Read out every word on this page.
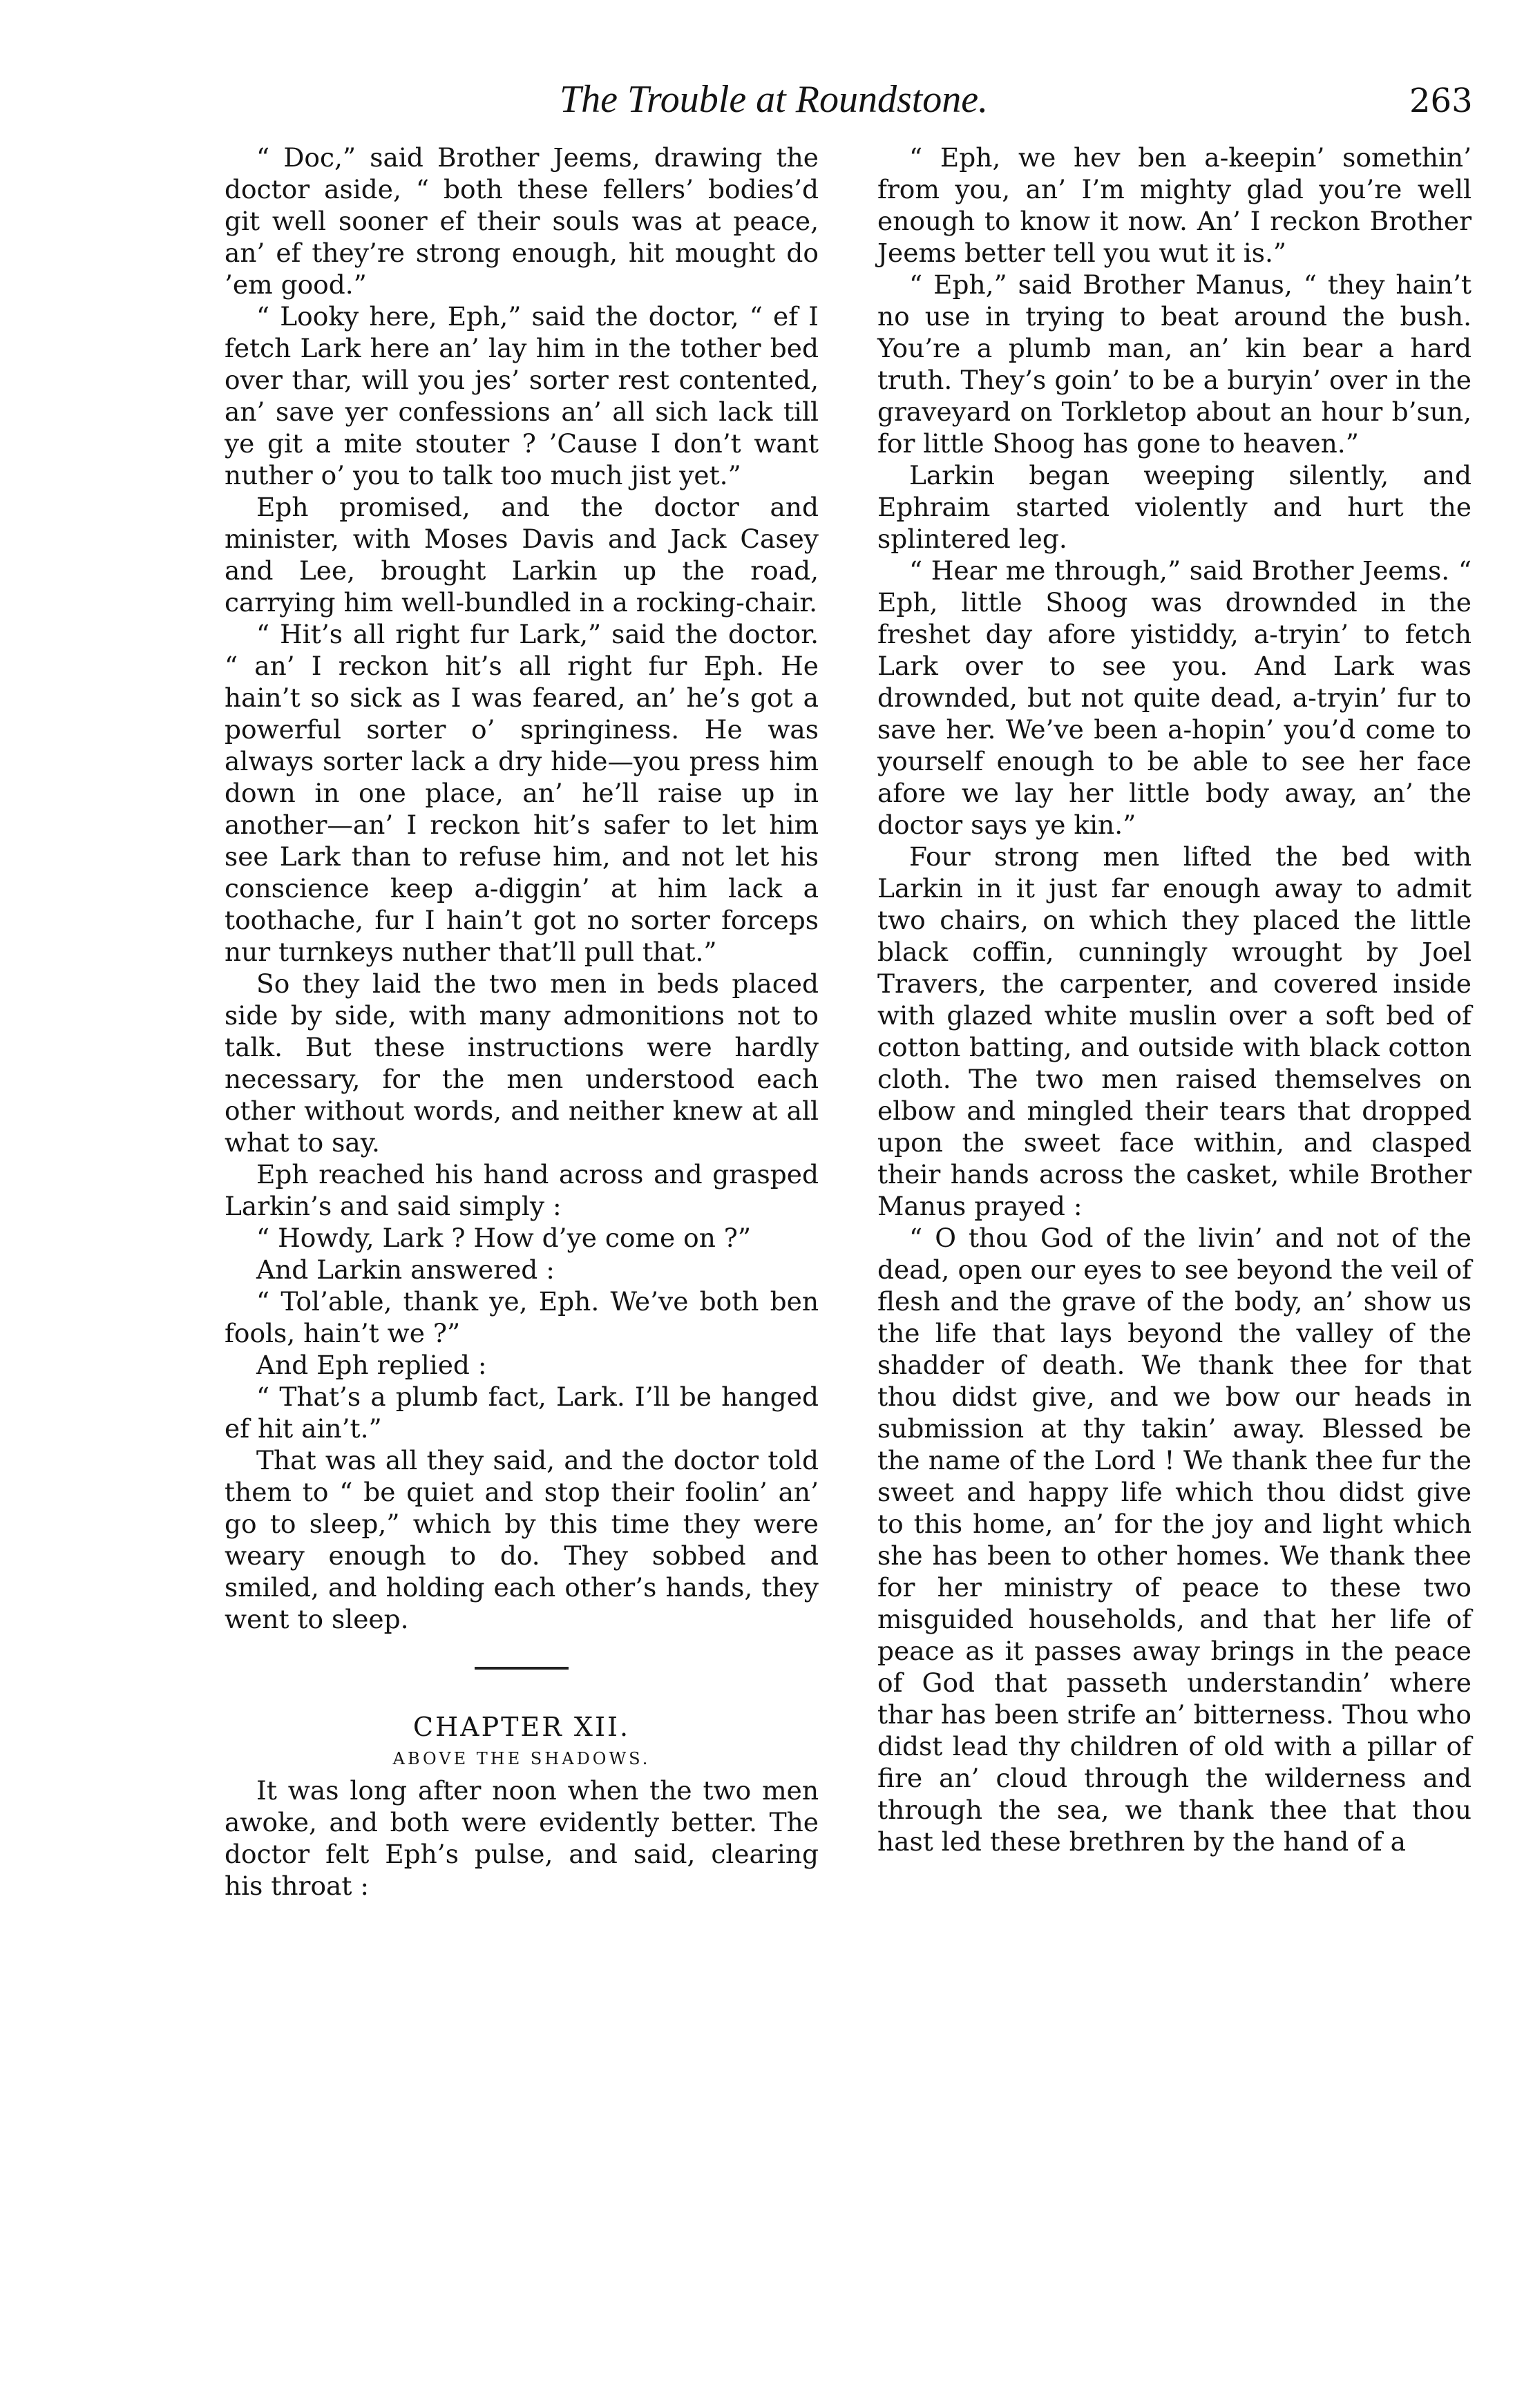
The Trouble at Roundstone.	263

“ Doc,” said Brother Jeems, drawing the doctor aside, “ both these fellers’ bodies’d git well sooner ef their souls was at peace, an’ ef they’re strong enough, hit mought do ’em good.”

“ Looky here, Eph,” said the doctor, “ ef I fetch Lark here an’ lay him in the tother bed over thar, will you jes’ sorter rest contented, an’ save yer confessions an’ all sich lack till ye git a mite stouter ? ’Cause I don’t want nuther o’ you to talk too much jist yet.”

Eph promised, and the doctor and minister, with Moses Davis and Jack Casey and Lee, brought Larkin up the road, carrying him well-bundled in a rocking-chair.

“ Hit’s all right fur Lark,” said the doctor. “ an’ I reckon hit’s all right fur Eph. He hain’t so sick as I was feared, an’ he’s got a powerful sorter o’ springiness. He was always sorter lack a dry hide—you press him down in one place, an’ he’ll raise up in another—an’ I reckon hit’s safer to let him see Lark than to refuse him, and not let his conscience keep a-diggin’ at him lack a toothache, fur I hain’t got no sorter forceps nur turnkeys nuther that’ll pull that.”

So they laid the two men in beds placed side by side, with many admonitions not to talk. But these instructions were hardly necessary, for the men understood each other without words, and neither knew at all what to say.

Eph reached his hand across and grasped Larkin’s and said simply :

“ Howdy, Lark ? How d’ye come on ?”

And Larkin answered :

“ Tol’able, thank ye, Eph. We’ve both ben fools, hain’t we ?”

And Eph replied :

“ That’s a plumb fact, Lark. I’ll be hanged ef hit ain’t.”

That was all they said, and the doctor told them to “ be quiet and stop their foolin’ an’ go to sleep,” which by this time they were weary enough to do. They sobbed and smiled, and holding each other’s hands, they went to sleep.

CHAPTER XII.

ABOVE THE SHADOWS.

It was long after noon when the two men awoke, and both were evidently better. The doctor felt Eph’s pulse, and said, clearing his throat :

“ Eph, we hev ben a-keepin’ somethin’ from you, an’ I’m mighty glad you’re well enough to know it now. An’ I reckon Brother Jeems better tell you wut it is.”

“ Eph,” said Brother Manus, “ they hain’t no use in trying to beat around the bush. You’re a plumb man, an’ kin bear a hard truth. They’s goin’ to be a buryin’ over in the graveyard on Torkletop about an hour b’sun, for little Shoog has gone to heaven.”

Larkin began weeping silently, and Ephraim started violently and hurt the splintered leg.

“ Hear me through,” said Brother Jeems. “ Eph, little Shoog was drownded in the freshet day afore yistiddy, a-tryin’ to fetch Lark over to see you. And Lark was drownded, but not quite dead, a-tryin’ fur to save her. We’ve been a-hopin’ you’d come to yourself enough to be able to see her face afore we lay her little body away, an’ the doctor says ye kin.”

Four strong men lifted the bed with Larkin in it just far enough away to admit two chairs, on which they placed the little black coffin, cunningly wrought by Joel Travers, the carpenter, and covered inside with glazed white muslin over a soft bed of cotton batting, and outside with black cotton cloth. The two men raised themselves on elbow and mingled their tears that dropped upon the sweet face within, and clasped their hands across the casket, while Brother Manus prayed :

“ O thou God of the livin’ and not of the dead, open our eyes to see beyond the veil of flesh and the grave of the body, an’ show us the life that lays beyond the valley of the shadder of death. We thank thee for that thou didst give, and we bow our heads in submission at thy takin’ away. Blessed be the name of the Lord ! We thank thee fur the sweet and happy life which thou didst give to this home, an’ for the joy and light which she has been to other homes. We thank thee for her ministry of peace to these two misguided households, and that her life of peace as it passes away brings in the peace of God that passeth understandin’ where thar has been strife an’ bitterness. Thou who didst lead thy children of old with a pillar of fire an’ cloud through the wilderness and through the sea, we thank thee that thou hast led these brethren by the hand of a
